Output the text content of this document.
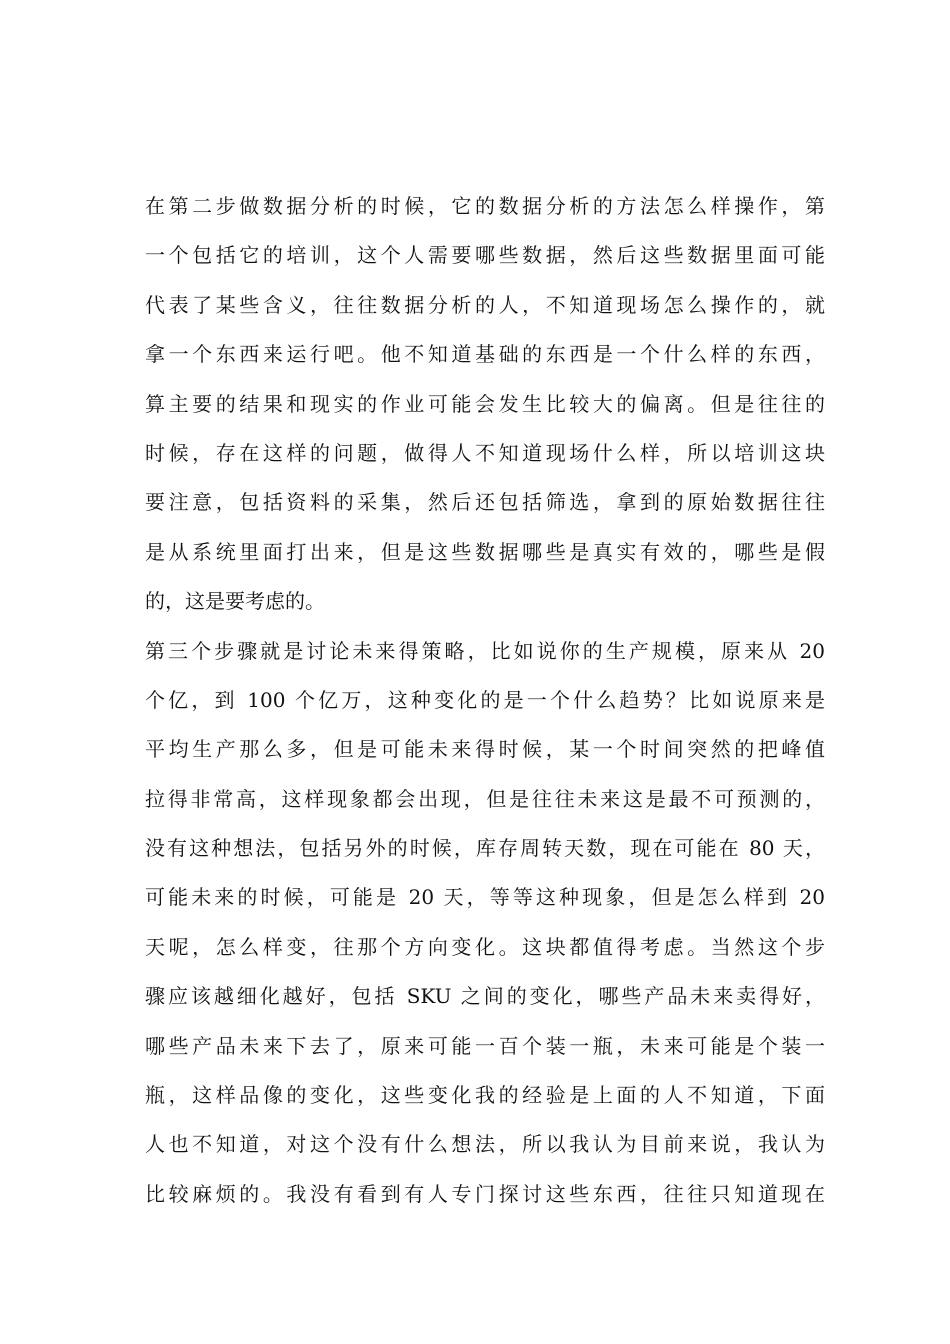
在第二步做数据分析的时候，它的数据分析的方法怎么样操作，第
一个包括它的培训，这个人需要哪些数据，然后这些数据里面可能
代表了某些含义，往往数据分析的人，不知道现场怎么操作的，就
拿一个东西来运行吧。他不知道基础的东西是一个什么样的东西，
算主要的结果和现实的作业可能会发生比较大的偏离。但是往往的
时候，存在这样的问题，做得人不知道现场什么样，所以培训这块
要注意，包括资料的采集，然后还包括筛选，拿到的原始数据往往
是从系统里面打出来，但是这些数据哪些是真实有效的，哪些是假
的，这是要考虑的。
第三个步骤就是讨论未来得策略，比如说你的生产规模，原来从 20
个亿，到 100 个亿万，这种变化的是一个什么趋势？比如说原来是
平均生产那么多，但是可能未来得时候，某一个时间突然的把峰值
拉得非常高，这样现象都会出现，但是往往未来这是最不可预测的，
没有这种想法，包括另外的时候，库存周转天数，现在可能在 80 天，
可能未来的时候，可能是 20 天，等等这种现象，但是怎么样到 20
天呢，怎么样变，往那个方向变化。这块都值得考虑。当然这个步
骤应该越细化越好，包括 SKU 之间的变化，哪些产品未来卖得好，
哪些产品未来下去了，原来可能一百个装一瓶，未来可能是个装一
瓶，这样品像的变化，这些变化我的经验是上面的人不知道，下面
人也不知道，对这个没有什么想法，所以我认为目前来说，我认为
比较麻烦的。我没有看到有人专门探讨这些东西，往往只知道现在
